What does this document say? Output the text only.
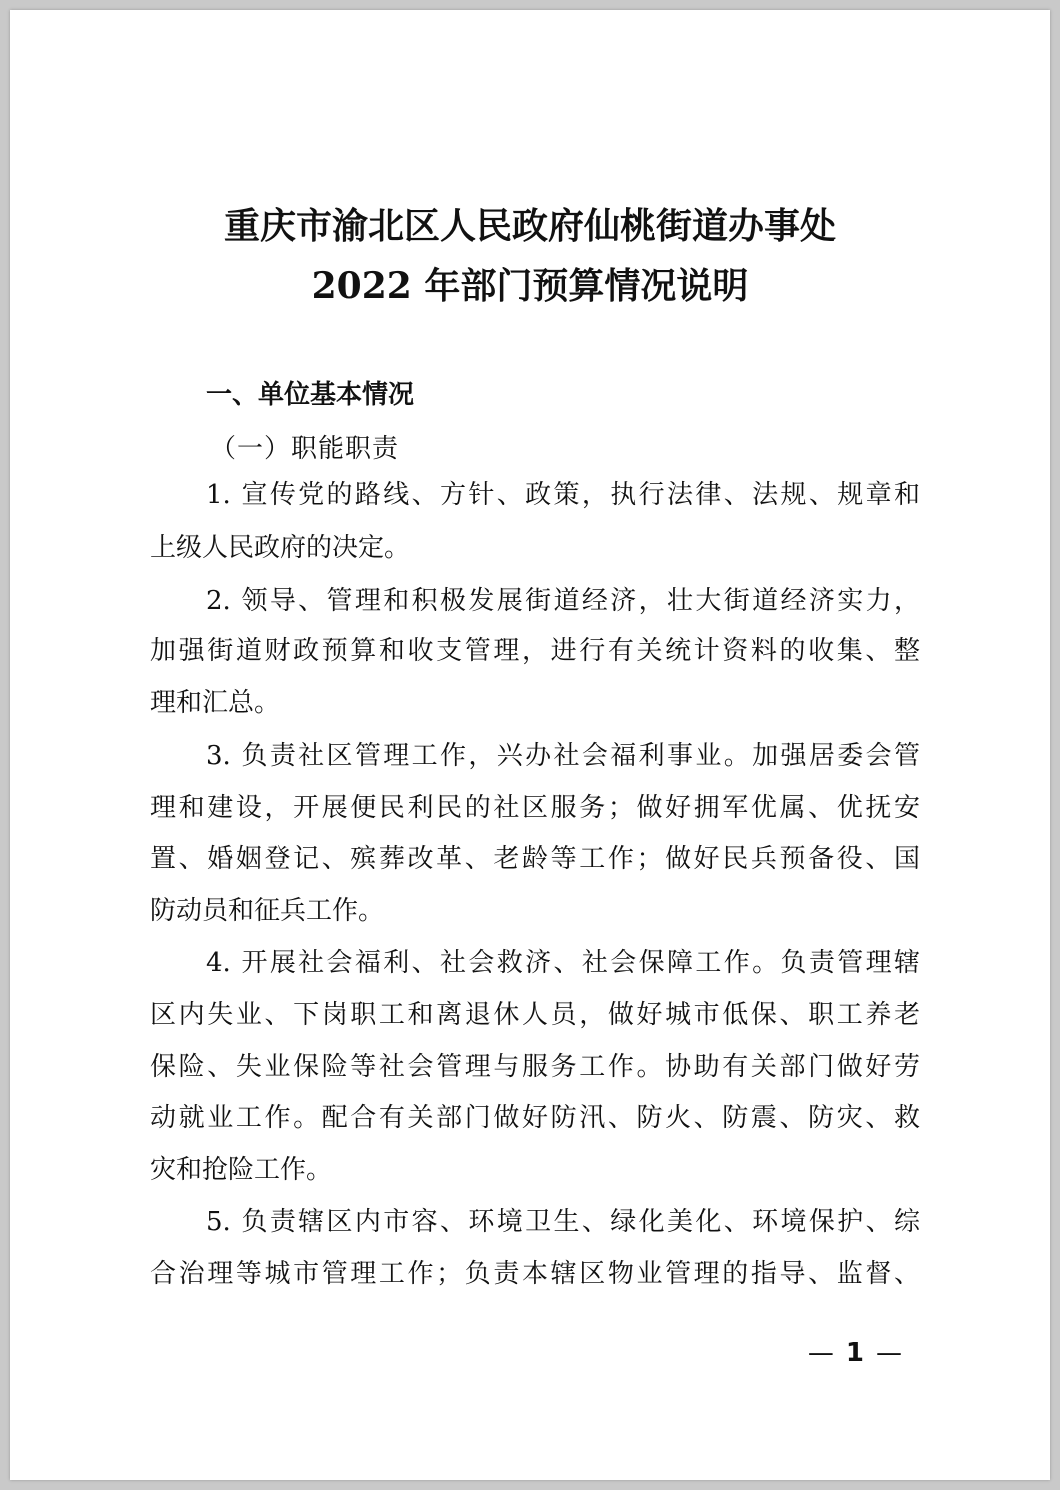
重庆市渝北区人民政府仙桃街道办事处
2022 年部门预算情况说明
一、单位基本情况
（一）职能职责
1. 宣传党的路线、方针、政策，执行法律、法规、规章和
上级人民政府的决定。
2. 领导、管理和积极发展街道经济，壮大街道经济实力，
加强街道财政预算和收支管理，进行有关统计资料的收集、整
理和汇总。
3. 负责社区管理工作，兴办社会福利事业。加强居委会管
理和建设，开展便民利民的社区服务；做好拥军优属、优抚安
置、婚姻登记、殡葬改革、老龄等工作；做好民兵预备役、国
防动员和征兵工作。
4. 开展社会福利、社会救济、社会保障工作。负责管理辖
区内失业、下岗职工和离退休人员，做好城市低保、职工养老
保险、失业保险等社会管理与服务工作。协助有关部门做好劳
动就业工作。配合有关部门做好防汛、防火、防震、防灾、救
灾和抢险工作。
5. 负责辖区内市容、环境卫生、绿化美化、环境保护、综
合治理等城市管理工作；负责本辖区物业管理的指导、监督、
— 1 —
